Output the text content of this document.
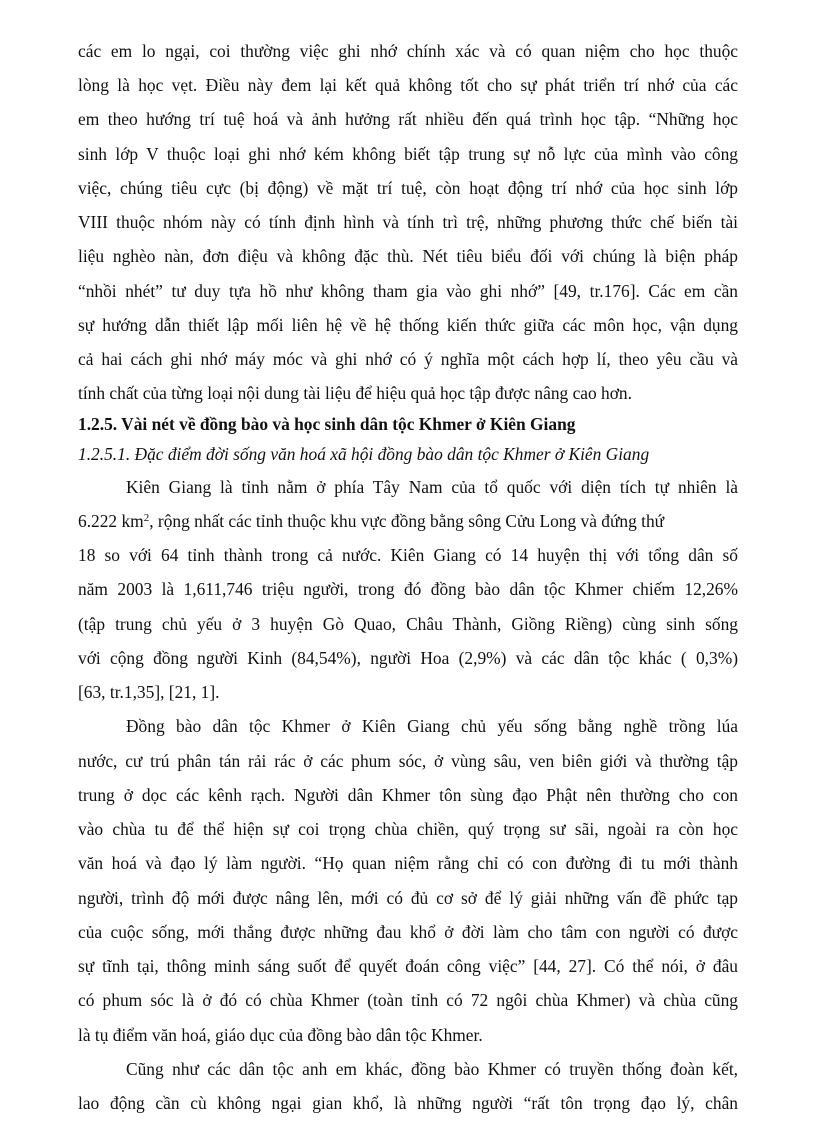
các em lo ngại, coi thường việc ghi nhớ chính xác và có quan niệm cho học thuộc
lòng là học vẹt. Điều này đem lại kết quả không tốt cho sự phát triển trí nhớ của các
em theo hướng trí tuệ hoá và ảnh hưởng rất nhiều đến quá trình học tập. “Những học
sinh lớp V thuộc loại ghi nhớ kém không biết tập trung sự nỗ lực của mình vào công
việc, chúng tiêu cực (bị động) về mặt trí tuệ, còn hoạt động trí nhớ của học sinh lớp
VIII thuộc nhóm này có tính định hình và tính trì trệ, những phương thức chế biến tài
liệu nghèo nàn, đơn điệu và không đặc thù. Nét tiêu biểu đối với chúng là biện pháp
“nhồi nhét” tư duy tựa hồ như không tham gia vào ghi nhớ” [49, tr.176]. Các em cần
sự hướng dẫn thiết lập mối liên hệ về hệ thống kiến thức giữa các môn học, vận dụng
cả hai cách ghi nhớ máy móc và ghi nhớ có ý nghĩa một cách hợp lí, theo yêu cầu và
tính chất của từng loại nội dung tài liệu để hiệu quả học tập được nâng cao hơn.
1.2.5. Vài nét về đồng bào và học sinh dân tộc Khmer ở Kiên Giang
1.2.5.1. Đặc điểm đời sống văn hoá xã hội đồng bào dân tộc Khmer ở Kiên Giang
Kiên Giang là tỉnh nằm ở phía Tây Nam của tổ quốc với diện tích tự nhiên là
6.222 $km^2$, rộng nhất các tỉnh thuộc khu vực đồng bằng sông Cửu Long và đứng thứ
18 so với 64 tỉnh thành trong cả nước. Kiên Giang có 14 huyện thị với tổng dân số
năm 2003 là 1,611,746 triệu người, trong đó đồng bào dân tộc Khmer chiếm 12,26%
(tập trung chủ yếu ở 3 huyện Gò Quao, Châu Thành, Giồng Riềng) cùng sinh sống
với cộng đồng người Kinh (84,54%), người Hoa (2,9%) và các dân tộc khác ( 0,3%)
[63, tr.1,35], [21, 1].
Đồng bào dân tộc Khmer ở Kiên Giang chủ yếu sống bằng nghề trồng lúa
nước, cư trú phân tán rải rác ở các phum sóc, ở vùng sâu, ven biên giới và thường tập
trung ở dọc các kênh rạch. Người dân Khmer tôn sùng đạo Phật nên thường cho con
vào chùa tu để thể hiện sự coi trọng chùa chiền, quý trọng sư sãi, ngoài ra còn học
văn hoá và đạo lý làm người. “Họ quan niệm rằng chỉ có con đường đi tu mới thành
người, trình độ mới được nâng lên, mới có đủ cơ sở để lý giải những vấn đề phức tạp
của cuộc sống, mới thắng được những đau khổ ở đời làm cho tâm con người có được
sự tĩnh tại, thông minh sáng suốt để quyết đoán công việc” [44, 27]. Có thể nói, ở đâu
có phum sóc là ở đó có chùa Khmer (toàn tỉnh có 72 ngôi chùa Khmer) và chùa cũng
là tụ điểm văn hoá, giáo dục của đồng bào dân tộc Khmer.
Cũng như các dân tộc anh em khác, đồng bào Khmer có truyền thống đoàn kết,
lao động cần cù không ngại gian khổ, là những người “rất tôn trọng đạo lý, chân
